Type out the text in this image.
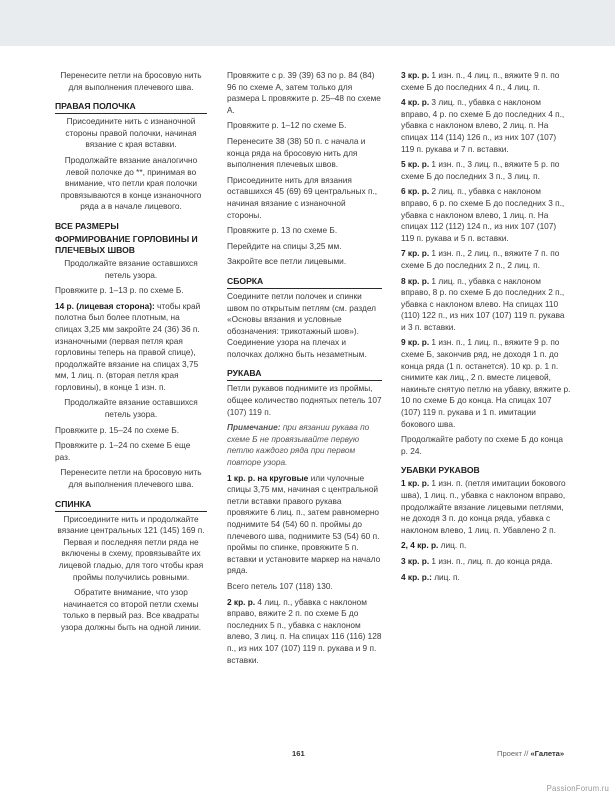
Перенесите петли на бросовую нить для выполнения плечевого шва.

ПРАВАЯ ПОЛОЧКА

Присоедините нить с изнаночной стороны правой полочки, начиная вязание с края вставки.

Продолжайте вязание аналогично левой полочке до **, принимая во внимание, что петли края полочки провязываются в конце изнаночного ряда а в начале лицевого.

ВСЕ РАЗМЕРЫ
ФОРМИРОВАНИЕ ГОРЛОВИНЫ И ПЛЕЧЕВЫХ ШВОВ

Продолжайте вязание оставшихся петель узора.

Провяжите р. 1–13 р. по схеме Б.

14 р. (лицевая сторона): чтобы край полотна был более плотным, на спицах 3,25 мм закройте 24 (36) 36 п. изнаночными (первая петля края горловины теперь на правой спице), продолжайте вязание на спицах 3,75 мм, 1 лиц. п. (вторая петля края горловины), в конце 1 изн. п.

Продолжайте вязание оставшихся петель узора.

Провяжите р. 15–24 по схеме Б.

Провяжите р. 1–24 по схеме Б еще раз.

Перенесите петли на бросовую нить для выполнения плечевого шва.

СПИНКА

Присоедините нить и продолжайте вязание центральных 121 (145) 169 п. Первая и последняя петли ряда не включены в схему, провязывайте их лицевой гладью, для того чтобы края проймы получились ровными.

Обратите внимание, что узор начинается со второй петли схемы только в первый раз. Все квадраты узора должны быть на одной линии.

Провяжите с р. 39 (39) 63 по р. 84 (84) 96 по схеме А, затем только для размера L провяжите р. 25–48 по схеме А.

Провяжите р. 1–12 по схеме Б.

Перенесите 38 (38) 50 п. с начала и конца ряда на бросовую нить для выполнения плечевых швов.

Присоедините нить для вязания оставшихся 45 (69) 69 центральных п., начиная вязание с изнаночной стороны.

Провяжите р. 13 по схеме Б.

Перейдите на спицы 3,25 мм.

Закройте все петли лицевыми.

СБОРКА

Соедините петли полочек и спинки швом по открытым петлям (см. раздел «Основы вязания и условные обозначения: трикотажный шов»). Соединение узора на плечах и полочках должно быть незаметным.

РУКАВА

Петли рукавов поднимите из проймы, общее количество поднятых петель 107 (107) 119 п.

Примечание: при вязании рукава по схеме Б не провязывайте первую петлю каждого ряда при первом повторе узора.

1 кр. р. на круговые или чулочные спицы 3,75 мм, начиная с центральной петли вставки правого рукава провяжите 6 лиц. п., затем равномерно поднимите 54 (54) 60 п. проймы до плечевого шва, поднимите 53 (54) 60 п. проймы по спинке, провяжите 5 п. вставки и установите маркер на начало ряда.

Всего петель 107 (118) 130.

2 кр. р. 4 лиц. п., убавка с наклоном вправо, вяжите 2 п. по схеме Б до последних 5 п., убавка с наклоном влево, 3 лиц. п. На спицах 116 (116) 128 п., из них 107 (107) 119 п. рукава и 9 п. вставки.

3 кр. р. 1 изн. п., 4 лиц. п., вяжите 9 п. по схеме Б до последних 4 п., 4 лиц. п.

4 кр. р. 3 лиц. п., убавка с наклоном вправо, 4 р. по схеме Б до последних 4 п., убавка с наклоном влево, 2 лиц. п. На спицах 114 (114) 126 п., из них 107 (107) 119 п. рукава и 7 п. вставки.

5 кр. р. 1 изн. п., 3 лиц. п., вяжите 5 р. по схеме Б до последних 3 п., 3 лиц. п.

6 кр. р. 2 лиц. п., убавка с наклоном вправо, 6 р. по схеме Б до последних 3 п., убавка с наклоном влево, 1 лиц. п. На спицах 112 (112) 124 п., из них 107 (107) 119 п. рукава и 5 п. вставки.

7 кр. р. 1 изн. п., 2 лиц. п., вяжите 7 п. по схеме Б до последних 2 п., 2 лиц. п.

8 кр. р. 1 лиц. п., убавка с наклоном вправо, 8 р. по схеме Б до последних 2 п., убавка с наклоном влево. На спицах 110 (110) 122 п., из них 107 (107) 119 п. рукава и 3 п. вставки.

9 кр. р. 1 изн. п., 1 лиц. п., вяжите 9 р. по схеме Б, закончив ряд, не доходя 1 п. до конца ряда (1 п. останется). 10 кр. р. 1 п. снимите как лиц., 2 п. вместе лицевой, накиньте снятую петлю на убавку, вяжите р. 10 по схеме Б до конца. На спицах 107 (107) 119 п. рукава и 1 п. имитации бокового шва.

Продолжайте работу по схеме Б до конца р. 24.

УБАВКИ РУКАВОВ

1 кр. р. 1 изн. п. (петля имитации бокового шва), 1 лиц. п., убавка с наклоном вправо, продолжайте вязание лицевыми петлями, не доходя 3 п. до конца ряда, убавка с наклоном влево, 1 лиц. п. Убавлено 2 п.

2, 4 кр. р. лиц. п.

3 кр. р. 1 изн. п., лиц. п. до конца ряда.

4 кр. р.: лиц. п.

161	Проект // «Галета»
PassionForum.ru
